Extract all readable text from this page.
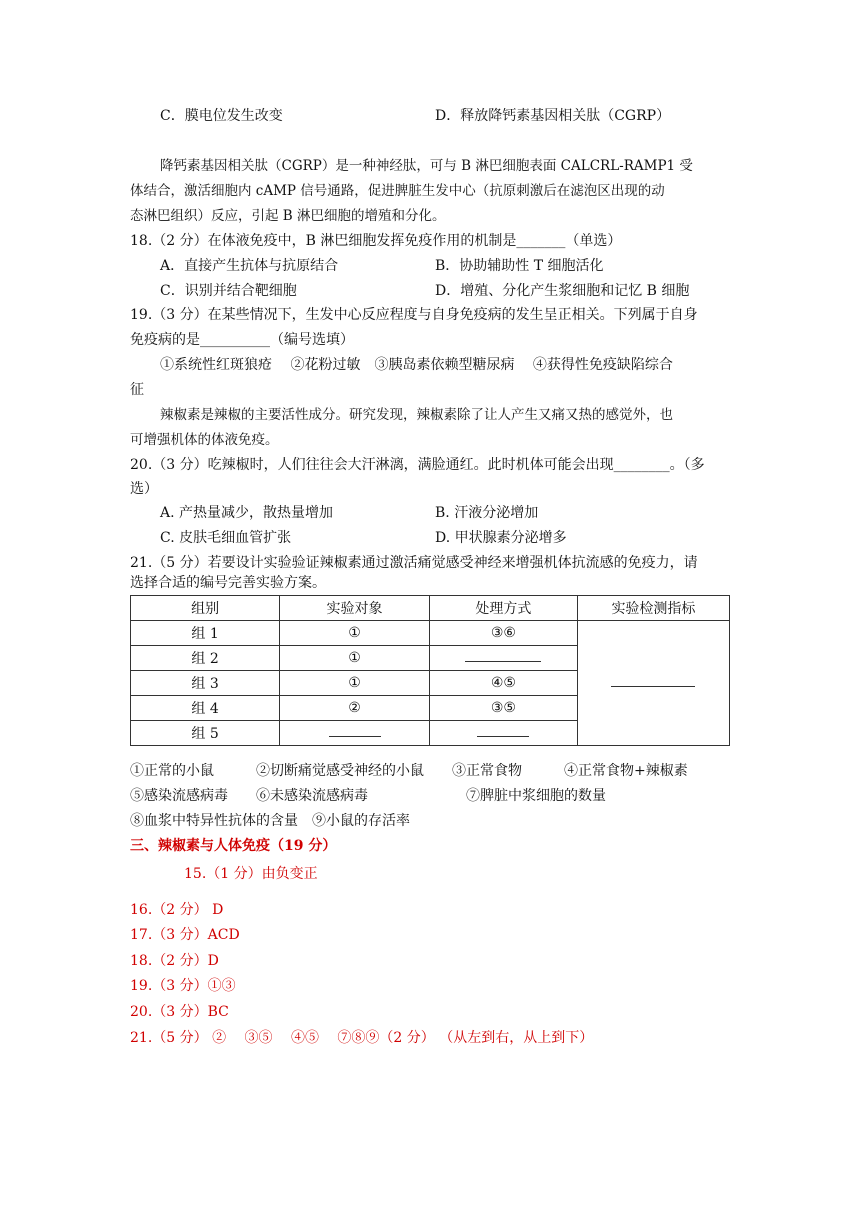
C．膜电位发生改变	D．释放降钙素基因相关肽（CGRP）
降钙素基因相关肽（CGRP）是一种神经肽，可与 B 淋巴细胞表面 CALCRL-RAMP1 受
体结合，激活细胞内 cAMP 信号通路，促进脾脏生发中心（抗原刺激后在滤泡区出现的动
态淋巴组织）反应，引起 B 淋巴细胞的增殖和分化。
18.（2 分）在体液免疫中，B 淋巴细胞发挥免疫作用的机制是_______（单选）
A．直接产生抗体与抗原结合	B．协助辅助性 T 细胞活化
C．识别并结合靶细胞	D．增殖、分化产生浆细胞和记忆 B 细胞
19.（3 分）在某些情况下，生发中心反应程度与自身免疫病的发生呈正相关。下列属于自身
免疫病的是__________（编号选填）
①系统性红斑狼疮　 ②花粉过敏　③胰岛素依赖型糖尿病　 ④获得性免疫缺陷综合
征
辣椒素是辣椒的主要活性成分。研究发现，辣椒素除了让人产生又痛又热的感觉外，也
可增强机体的体液免疫。
20.（3 分）吃辣椒时，人们往往会大汗淋漓，满脸通红。此时机体可能会出现________。（多
选）
A. 产热量减少，散热量增加	B. 汗液分泌增加
C. 皮肤毛细血管扩张	D. 甲状腺素分泌增多
21.（5 分）若要设计实验验证辣椒素通过激活痛觉感受神经来增强机体抗流感的免疫力，请
选择合适的编号完善实验方案。
组别	实验对象	处理方式	实验检测指标
组 1	①	③⑥	
组 2	①		
组 3	①	④⑤	
组 4	②	③⑤	
组 5			
①正常的小鼠　　　②切断痛觉感受神经的小鼠　　③正常食物　　　④正常食物+辣椒素
⑤感染流感病毒　　⑥未感染流感病毒　　　　　　　⑦脾脏中浆细胞的数量
⑧血浆中特异性抗体的含量　⑨小鼠的存活率
三、辣椒素与人体免疫（19 分）
15.（1 分）由负变正
16.（2 分） D
17.（3 分）ACD
18.（2 分）D
19.（3 分）①③
20.（3 分）BC
21.（5 分） ②　 ③⑤　 ④⑤　 ⑦⑧⑨（2 分） （从左到右，从上到下）
